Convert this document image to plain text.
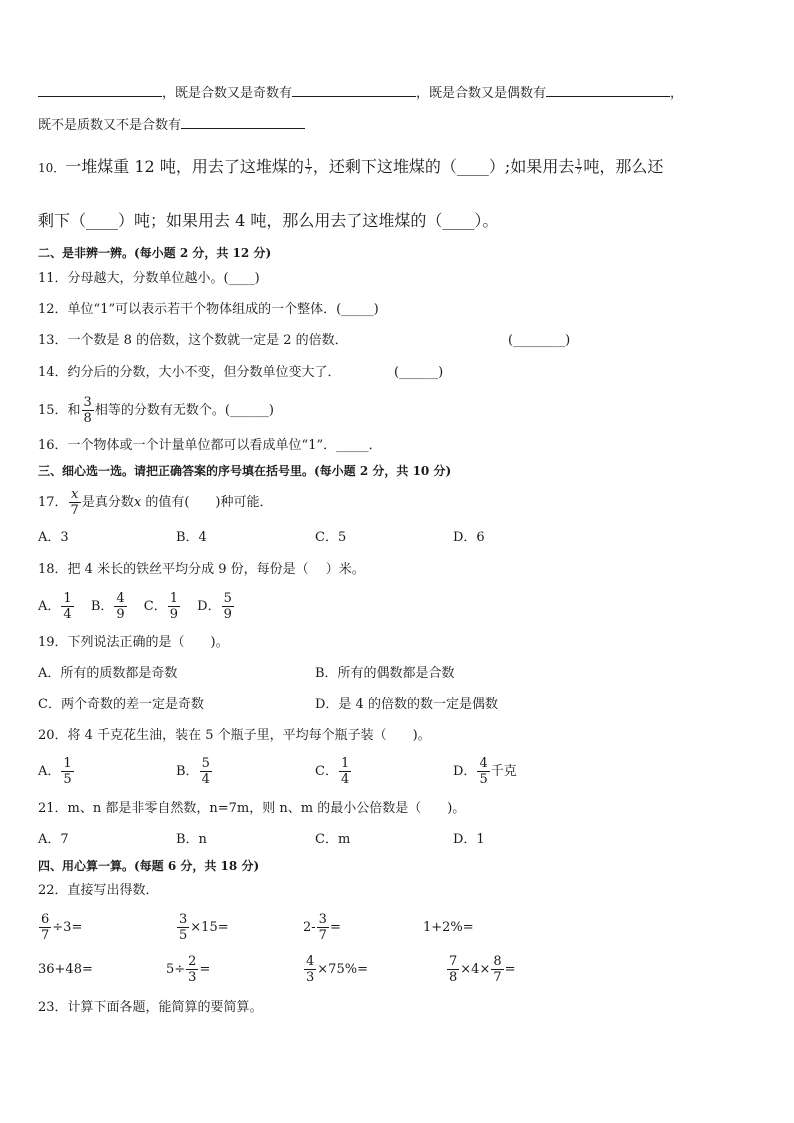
，既是合数又是奇数有	，既是合数又是偶数有	，
既不是质数又不是合数有
10．一堆煤重 12 吨，用去了这堆煤的 $\frac{1}{7}$ ，还剩下这堆煤的（____）;如果用去 $\frac{1}{7}$ 吨，那么还
剩下（____）吨；如果用去 4 吨，那么用去了这堆煤的（____）。
二、是非辨一辨。(每小题 2 分，共 12 分)
11．分母越大，分数单位越小。(____)
12．单位“1”可以表示若干个物体组成的一个整体．(_____)
13．一个数是 8 的倍数，这个数就一定是 2 的倍数．	(________)
14．约分后的分数，大小不变，但分数单位变大了．	(______)
15．和 $\frac{3}{8}$ 相等的分数有无数个。(______)
16．一个物体或一个计量单位都可以看成单位“1”．_____．
三、细心选一选。请把正确答案的序号填在括号里。(每小题 2 分，共 10 分)
17． $\frac{x}{7}$ 是真分数x 的值有(　　)种可能．
A．3	B．4	C．5	D．6
18．把 4 米长的铁丝平均分成 9 份，每份是（　 ）米。
A． $\frac{1}{4}$ B． $\frac{4}{9}$ C． $\frac{1}{9}$ D． $\frac{5}{9}$
19．下列说法正确的是（　　)。
A．所有的质数都是奇数	B．所有的偶数都是合数
C．两个奇数的差一定是奇数	D．是 4 的倍数的数一定是偶数
20．将 4 千克花生油，装在 5 个瓶子里，平均每个瓶子装（　　)。
A． $\frac{1}{5}$	B． $\frac{5}{4}$	C． $\frac{1}{4}$	D． $\frac{4}{5}$ 千克
21．m、n 都是非零自然数，n=7m，则 n、m 的最小公倍数是（　　)。
A．7	B．n	C．m	D．1
四、用心算一算。(每题 6 分，共 18 分)
22．直接写出得数．
$\frac{6}{7} \div 3=$	$\frac{3}{5} \times 15=$	$2- \frac{3}{7}$ =	1+2%=
36+48=	$5\div \frac{2}{3}$ =	$\frac{4}{3} \times 75\%=$	$\frac{7}{8} \times 4\times \frac{8}{7}$ =
23．计算下面各题，能简算的要简算。
